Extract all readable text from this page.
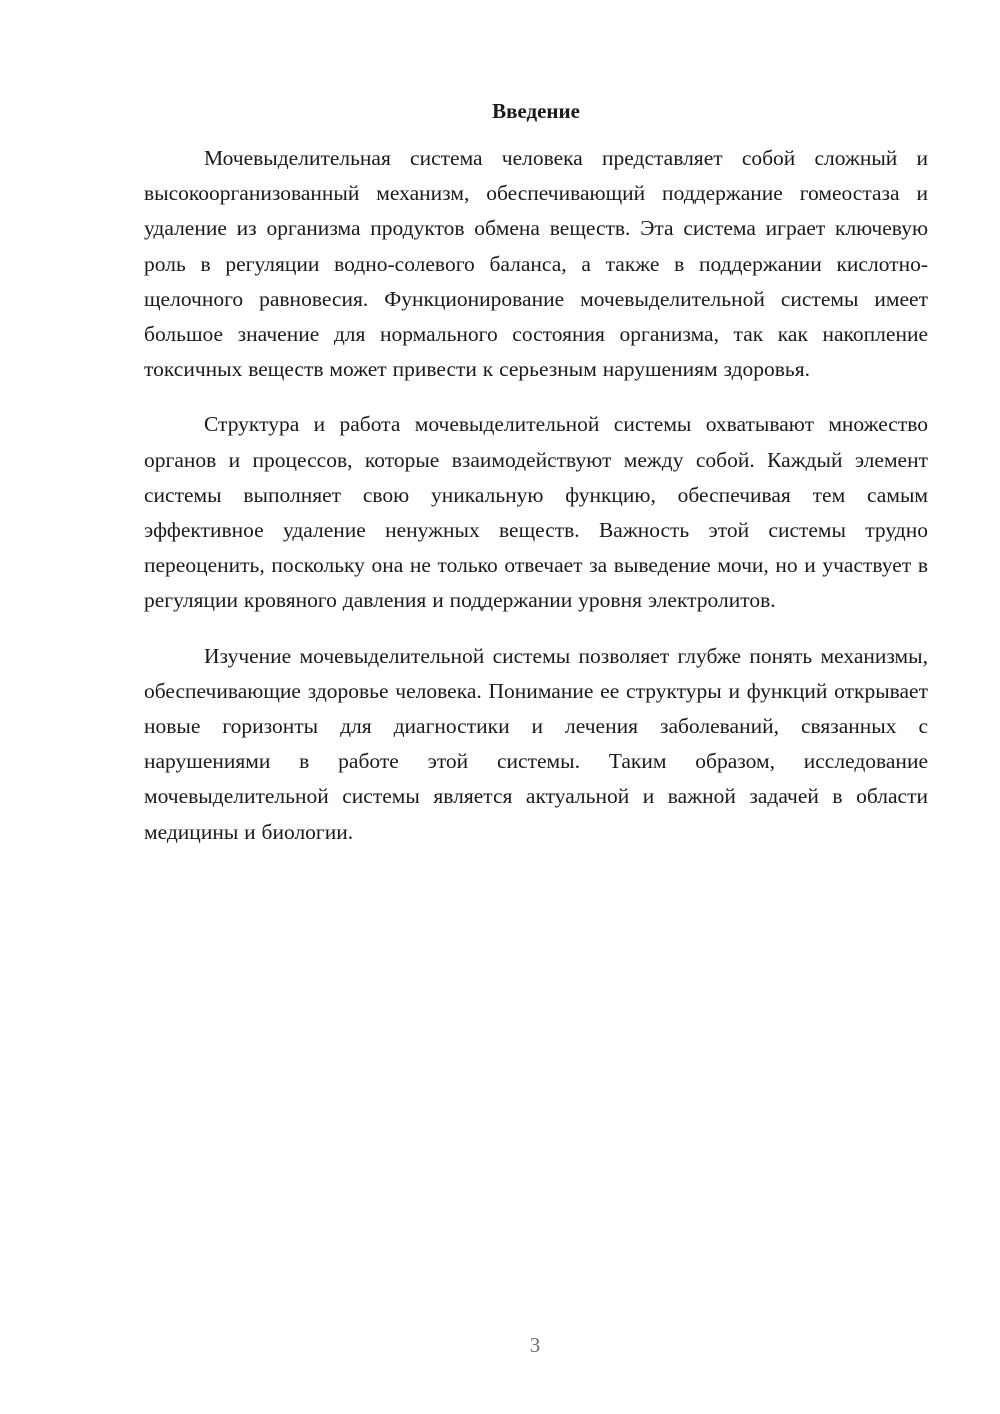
Введение

Мочевыделительная система человека представляет собой сложный и высокоорганизованный механизм, обеспечивающий поддержание гомеостаза и удаление из организма продуктов обмена веществ. Эта система играет ключевую роль в регуляции водно-солевого баланса, а также в поддержании кислотно-щелочного равновесия. Функционирование мочевыделительной системы имеет большое значение для нормального состояния организма, так как накопление токсичных веществ может привести к серьезным нарушениям здоровья.

Структура и работа мочевыделительной системы охватывают множество органов и процессов, которые взаимодействуют между собой. Каждый элемент системы выполняет свою уникальную функцию, обеспечивая тем самым эффективное удаление ненужных веществ. Важность этой системы трудно переоценить, поскольку она не только отвечает за выведение мочи, но и участвует в регуляции кровяного давления и поддержании уровня электролитов.

Изучение мочевыделительной системы позволяет глубже понять механизмы, обеспечивающие здоровье человека. Понимание ее структуры и функций открывает новые горизонты для диагностики и лечения заболеваний, связанных с нарушениями в работе этой системы. Таким образом, исследование мочевыделительной системы является актуальной и важной задачей в области медицины и биологии.

3
